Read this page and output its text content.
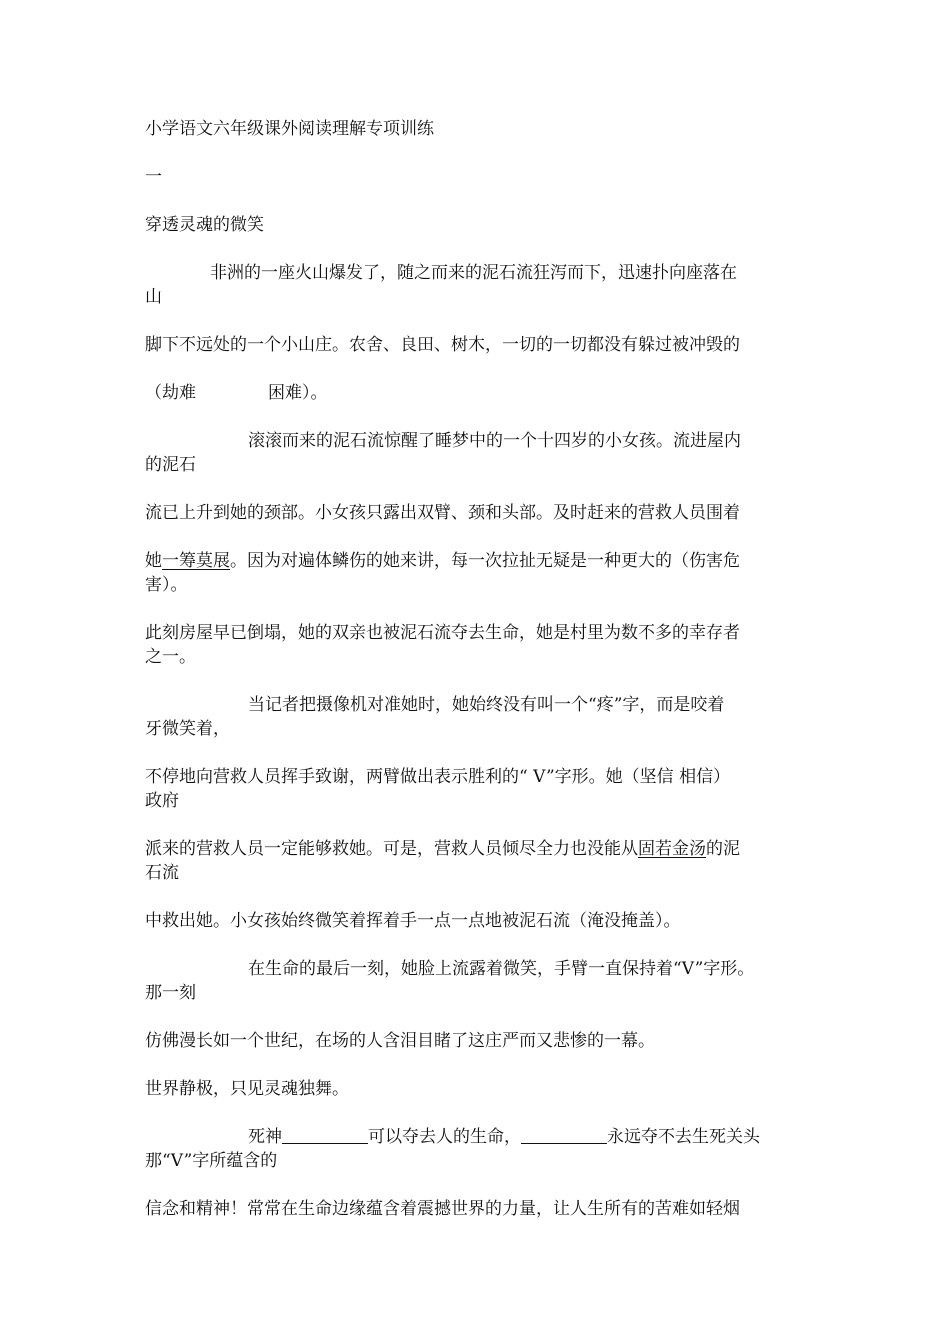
小学语文六年级课外阅读理解专项训练

一

穿透灵魂的微笑

非洲的一座火山爆发了，随之而来的泥石流狂泻而下，迅速扑向座落在

山

脚下不远处的一个小山庄。农舍、良田、树木，一切的一切都没有躲过被冲毁的

（劫难	困难）。

滚滚而来的泥石流惊醒了睡梦中的一个十四岁的小女孩。流进屋内

的泥石

流已上升到她的颈部。小女孩只露出双臂、颈和头部。及时赶来的营救人员围着

她一筹莫展。因为对遍体鳞伤的她来讲，每一次拉扯无疑是一种更大的（伤害危

害）。

此刻房屋早已倒塌，她的双亲也被泥石流夺去生命，她是村里为数不多的幸存者

之一。

当记者把摄像机对准她时，她始终没有叫一个“疼”字，而是咬着

牙微笑着，

不停地向营救人员挥手致谢，两臂做出表示胜利的“ V”字形。她（坚信 相信）

政府

派来的营救人员一定能够救她。可是，营救人员倾尽全力也没能从固若金汤的泥

石流

中救出她。小女孩始终微笑着挥着手一点一点地被泥石流（淹没掩盖）。

在生命的最后一刻，她脸上流露着微笑，手臂一直保持着“V”字形。

那一刻

仿佛漫长如一个世纪，在场的人含泪目睹了这庄严而又悲惨的一幕。

世界静极，只见灵魂独舞。

死神	可以夺去人的生命，	永远夺不去生死关头

那“V”字所蕴含的

信念和精神！常常在生命边缘蕴含着震撼世界的力量，让人生所有的苦难如轻烟
